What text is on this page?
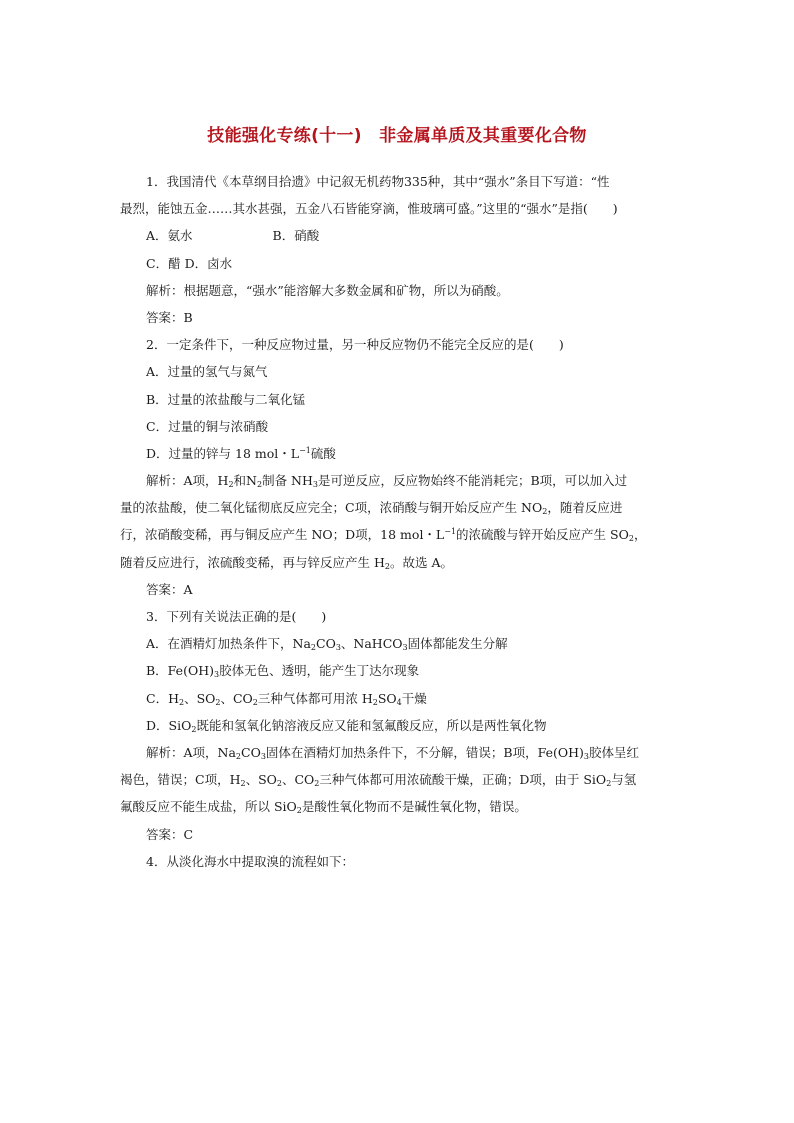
技能强化专练(十一)　非金属单质及其重要化合物
1．我国清代《本草纲目拾遗》中记叙无机药物335种，其中“强水”条目下写道：“性
最烈，能蚀五金……其水甚强，五金八石皆能穿滴，惟玻璃可盛。”这里的“强水”是指(　　)
A．氨水	B．硝酸
C．醋 D．卤水
解析：根据题意，“强水”能溶解大多数金属和矿物，所以为硝酸。
答案：B
2．一定条件下，一种反应物过量，另一种反应物仍不能完全反应的是(　　)
A．过量的氢气与氮气
B．过量的浓盐酸与二氧化锰
C．过量的铜与浓硝酸
D．过量的锌与 18 mol・$L^{-1}$硫酸
解析：A项，$H_2$和$N_2$制备 $NH_3$是可逆反应，反应物始终不能消耗完；B项，可以加入过
量的浓盐酸，使二氧化锰彻底反应完全；C项，浓硝酸与铜开始反应产生 $NO_2$，随着反应进
行，浓硝酸变稀，再与铜反应产生 NO；D项，18 mol・$L^{-1}$的浓硫酸与锌开始反应产生 $SO_2$，
随着反应进行，浓硫酸变稀，再与锌反应产生 $H_2$。故选 A。
答案：A
3．下列有关说法正确的是(　　)
A．在酒精灯加热条件下，$Na_2CO_3$、NaHCO$_3$固体都能发生分解
B．$Fe(OH)_3$胶体无色、透明，能产生丁达尔现象
C．$H_2$、$SO_2$、$CO_2$三种气体都可用浓 $H_2SO_4$干燥
D．SiO$_2$既能和氢氧化钠溶液反应又能和氢氟酸反应，所以是两性氧化物
解析：A项，$Na_2CO_3$固体在酒精灯加热条件下，不分解，错误；B项，$Fe(OH)_3$胶体呈红
褐色，错误；C项，$H_2$、$SO_2$、$CO_2$三种气体都可用浓硫酸干燥，正确；D项，由于 SiO$_2$与氢
氟酸反应不能生成盐，所以 SiO$_2$是酸性氧化物而不是碱性氧化物，错误。
答案：C
4．从淡化海水中提取溴的流程如下：
